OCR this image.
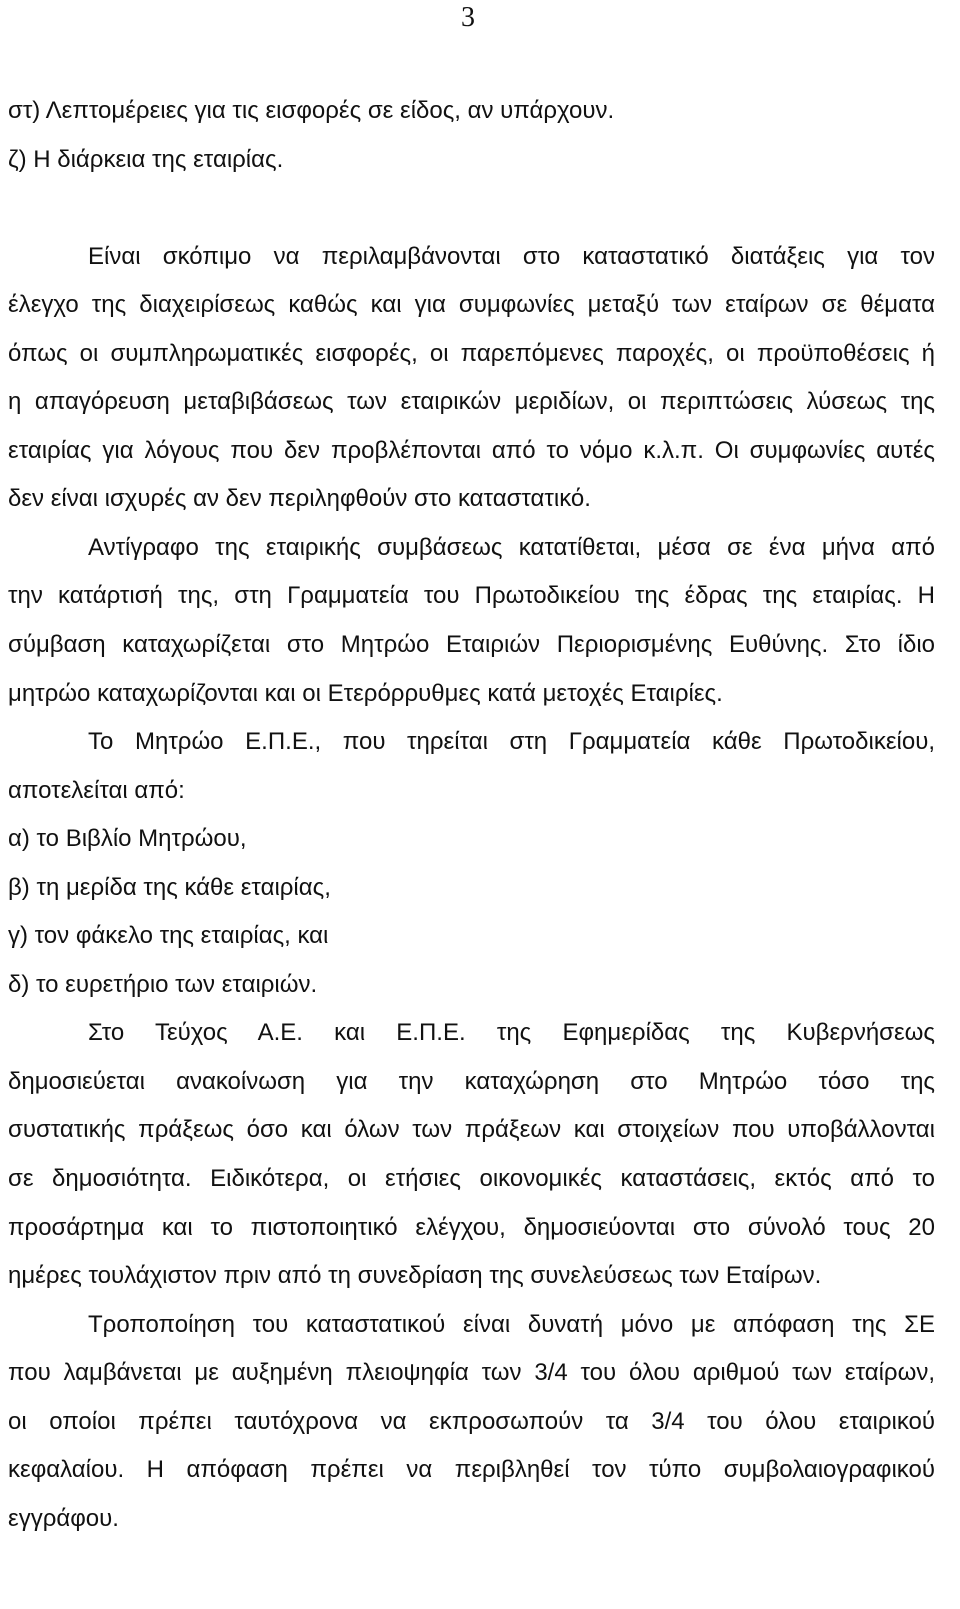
3
στ) Λεπτομέρειες για τις εισφορές σε είδος, αν υπάρχουν.
ζ) Η διάρκεια της εταιρίας.
Είναι σκόπιμο να περιλαμβάνονται στο καταστατικό διατάξεις για τον
έλεγχο της διαχειρίσεως καθώς και για συμφωνίες μεταξύ των εταίρων σε θέματα
όπως οι συμπληρωματικές εισφορές, οι παρεπόμενες παροχές, οι προϋποθέσεις ή
η απαγόρευση μεταβιβάσεως των εταιρικών μεριδίων, οι περιπτώσεις λύσεως της
εταιρίας για λόγους που δεν προβλέπονται από το νόμο κ.λ.π. Οι συμφωνίες αυτές
δεν είναι ισχυρές αν δεν περιληφθούν στο καταστατικό.
Αντίγραφο της εταιρικής συμβάσεως κατατίθεται, μέσα σε ένα μήνα από
την κατάρτισή της, στη Γραμματεία του Πρωτοδικείου της έδρας της εταιρίας. Η
σύμβαση καταχωρίζεται στο Μητρώο Εταιριών Περιορισμένης Ευθύνης. Στο ίδιο
μητρώο καταχωρίζονται και οι Ετερόρρυθμες κατά μετοχές Εταιρίες.
Το Μητρώο Ε.Π.Ε., που τηρείται στη Γραμματεία κάθε Πρωτοδικείου,
αποτελείται από:
α) το Βιβλίο Μητρώου,
β) τη μερίδα της κάθε εταιρίας,
γ) τον φάκελο της εταιρίας, και
δ) το ευρετήριο των εταιριών.
Στο Τεύχος Α.Ε. και Ε.Π.Ε. της Εφημερίδας της Κυβερνήσεως
δημοσιεύεται ανακοίνωση για την καταχώρηση στο Μητρώο τόσο της
συστατικής πράξεως όσο και όλων των πράξεων και στοιχείων που υποβάλλονται
σε δημοσιότητα. Ειδικότερα, οι ετήσιες οικονομικές καταστάσεις, εκτός από το
προσάρτημα και το πιστοποιητικό ελέγχου, δημοσιεύονται στο σύνολό τους 20
ημέρες τουλάχιστον πριν από τη συνεδρίαση της συνελεύσεως των Εταίρων.
Τροποποίηση του καταστατικού είναι δυνατή μόνο με απόφαση της ΣΕ
που λαμβάνεται με αυξημένη πλειοψηφία των 3/4 του όλου αριθμού των εταίρων,
οι οποίοι πρέπει ταυτόχρονα να εκπροσωπούν τα 3/4 του όλου εταιρικού
κεφαλαίου. Η απόφαση πρέπει να περιβληθεί τον τύπο συμβολαιογραφικού
εγγράφου.
